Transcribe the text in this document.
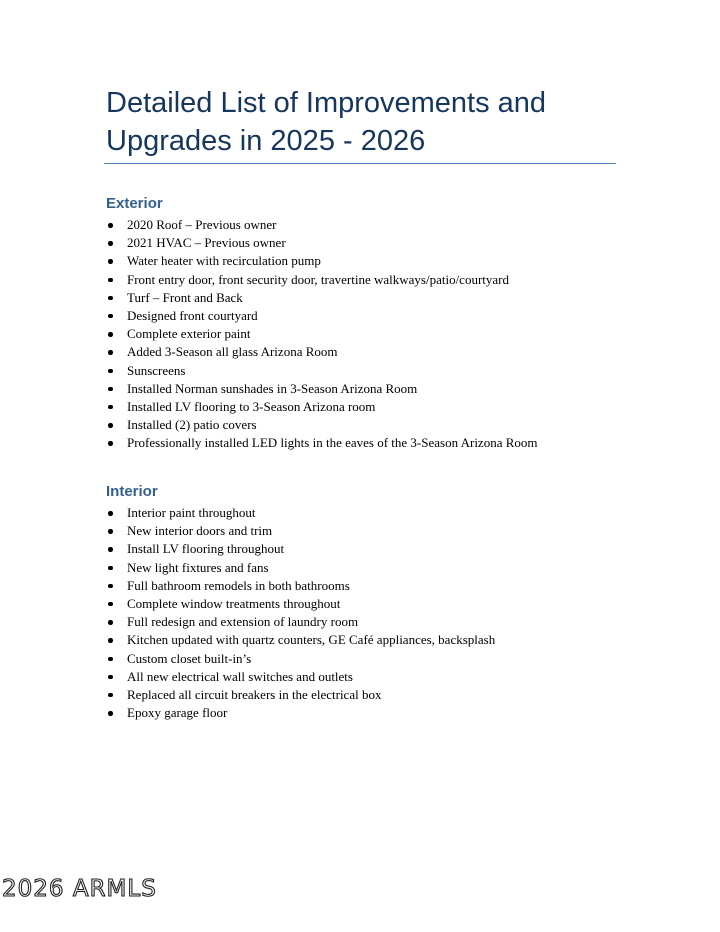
Detailed List of Improvements and Upgrades in 2025 - 2026
Exterior
2020 Roof – Previous owner
2021 HVAC – Previous owner
Water heater with recirculation pump
Front entry door, front security door, travertine walkways/patio/courtyard
Turf – Front and Back
Designed front courtyard
Complete exterior paint
Added 3-Season all glass Arizona Room
Sunscreens
Installed Norman sunshades in 3-Season Arizona Room
Installed LV flooring to 3-Season Arizona room
Installed (2) patio covers
Professionally installed LED lights in the eaves of the 3-Season Arizona Room
Interior
Interior paint throughout
New interior doors and trim
Install LV flooring throughout
New light fixtures and fans
Full bathroom remodels in both bathrooms
Complete window treatments throughout
Full redesign and extension of laundry room
Kitchen updated with quartz counters, GE Café appliances, backsplash
Custom closet built-in’s
All new electrical wall switches and outlets
Replaced all circuit breakers in the electrical box
Epoxy garage floor
2026 ARMLS
